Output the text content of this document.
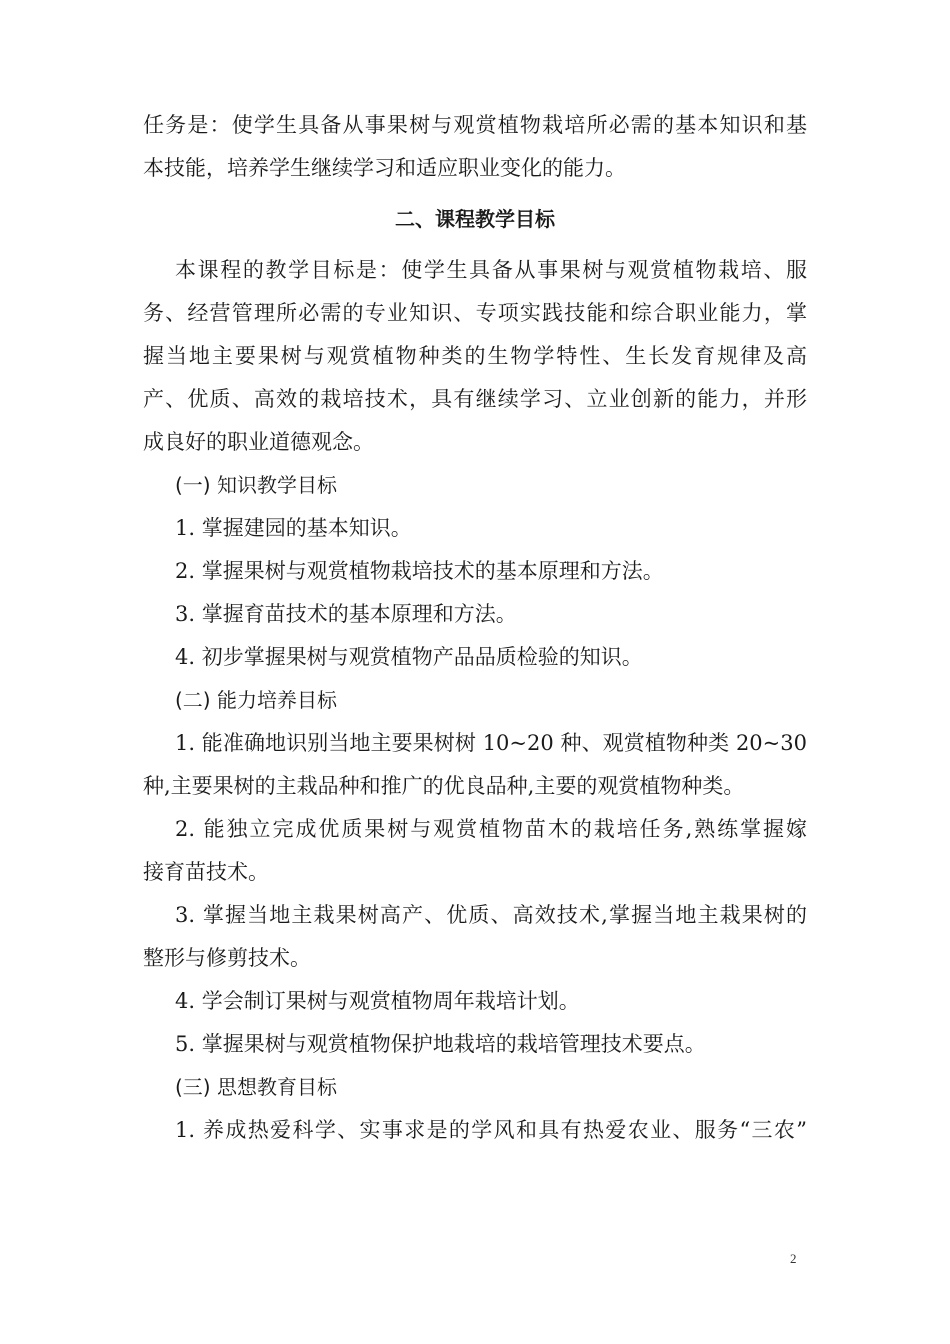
任务是：使学生具备从事果树与观赏植物栽培所必需的基本知识和基
本技能，培养学生继续学习和适应职业变化的能力。
二、课程教学目标
本课程的教学目标是：使学生具备从事果树与观赏植物栽培、服
务、经营管理所必需的专业知识、专项实践技能和综合职业能力，掌
握当地主要果树与观赏植物种类的生物学特性、生长发育规律及高
产、优质、高效的栽培技术，具有继续学习、立业创新的能力，并形
成良好的职业道德观念。
(一) 知识教学目标
1. 掌握建园的基本知识。
2. 掌握果树与观赏植物栽培技术的基本原理和方法。
3. 掌握育苗技术的基本原理和方法。
4. 初步掌握果树与观赏植物产品品质检验的知识。
(二) 能力培养目标
1. 能准确地识别当地主要果树树 10~20 种、观赏植物种类 20~30
种,主要果树的主栽品种和推广的优良品种,主要的观赏植物种类。
2. 能独立完成优质果树与观赏植物苗木的栽培任务,熟练掌握嫁
接育苗技术。
3. 掌握当地主栽果树高产、优质、高效技术,掌握当地主栽果树的
整形与修剪技术。
4. 学会制订果树与观赏植物周年栽培计划。
5. 掌握果树与观赏植物保护地栽培的栽培管理技术要点。
(三) 思想教育目标
1. 养成热爱科学、实事求是的学风和具有热爱农业、服务“三农”
2
